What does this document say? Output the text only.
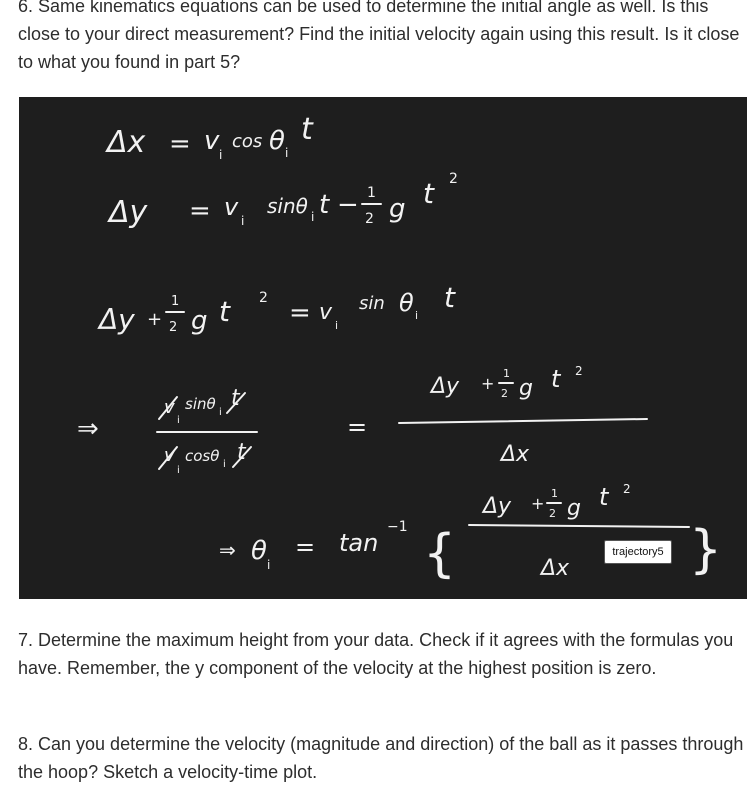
6. Same kinematics equations can be used to determine the initial angle as well. Is this close to your direct measurement? Find the initial velocity again using this result. Is it close to what you found in part 5?
Δx = v i
cos θ i
t
Δy = v i
sinθ i t − 1
2 g t 2
Δy +
1
2 g t 2 = v
i
sin θ i
t
⇒
v
i
sinθ i
t
v
i
cosθ i t
=
Δy +
1
2 g t 2
Δx
⇒ θ i
= tan
−1 {
Δy +
1
2 g t 2
Δx }
trajectory5
7. Determine the maximum height from your data. Check if it agrees with the formulas you have. Remember, the y component of the velocity at the highest position is zero.
8. Can you determine the velocity (magnitude and direction) of the ball as it passes through the hoop? Sketch a velocity-time plot.
